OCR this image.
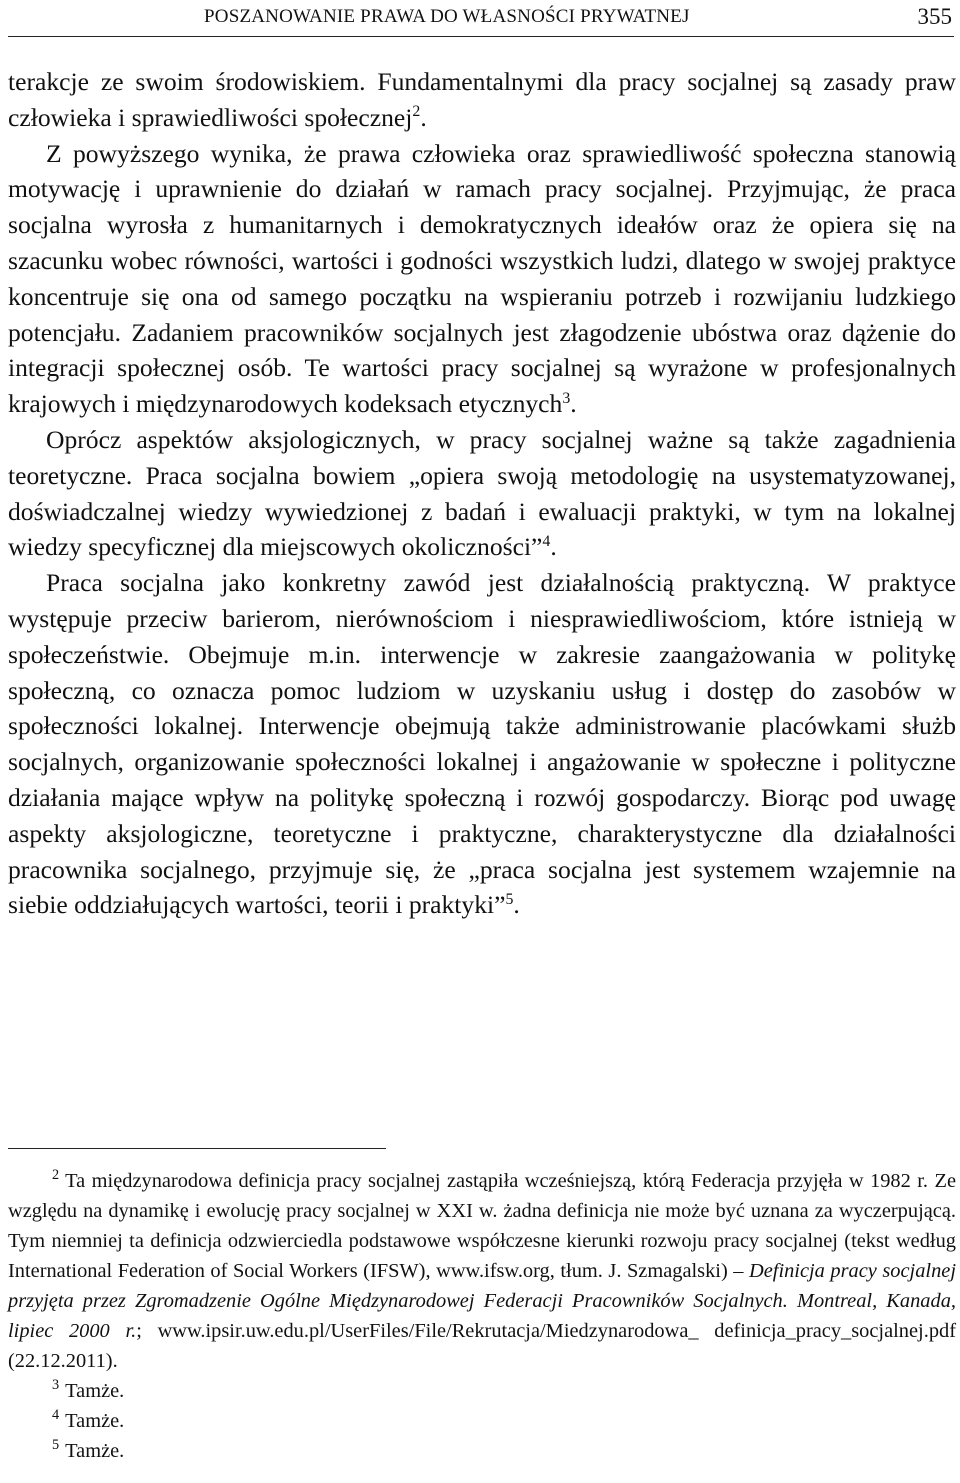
POSZANOWANIE PRAWA DO WŁASNOŚCI PRYWATNEJ	355

terakcje ze swoim środowiskiem. Fundamentalnymi dla pracy socjalnej są zasady praw człowieka i sprawiedliwości społecznej$^2$.

Z powyższego wynika, że prawa człowieka oraz sprawiedliwość społeczna stanowią motywację i uprawnienie do działań w ramach pracy socjalnej. Przyjmując, że praca socjalna wyrosła z humanitarnych i demokratycznych ideałów oraz że opiera się na szacunku wobec równości, wartości i godności wszystkich ludzi, dlatego w swojej praktyce koncentruje się ona od samego początku na wspieraniu potrzeb i rozwijaniu ludzkiego potencjału. Zadaniem pracowników socjalnych jest złagodzenie ubóstwa oraz dążenie do integracji społecznej osób. Te wartości pracy socjalnej są wyrażone w profesjonalnych krajowych i międzynarodowych kodeksach etycznych$^3$.

Oprócz aspektów aksjologicznych, w pracy socjalnej ważne są także zagadnienia teoretyczne. Praca socjalna bowiem „opiera swoją metodologię na usystematyzowanej, doświadczalnej wiedzy wywiedzionej z badań i ewaluacji praktyki, w tym na lokalnej wiedzy specyficznej dla miejscowych okoliczności”$^4$.

Praca socjalna jako konkretny zawód jest działalnością praktyczną. W praktyce występuje przeciw barierom, nierównościom i niesprawiedliwościom, które istnieją w społeczeństwie. Obejmuje m.in. interwencje w zakresie zaangażowania w politykę społeczną, co oznacza pomoc ludziom w uzyskaniu usług i dostęp do zasobów w społeczności lokalnej. Interwencje obejmują także administrowanie placówkami służb socjalnych, organizowanie społeczności lokalnej i angażowanie w społeczne i polityczne działania mające wpływ na politykę społeczną i rozwój gospodarczy. Biorąc pod uwagę aspekty aksjologiczne, teoretyczne i praktyczne, charakterystyczne dla działalności pracownika socjalnego, przyjmuje się, że „praca socjalna jest systemem wzajemnie na siebie oddziałujących wartości, teorii i praktyki”$^5$.

$^2$ Ta międzynarodowa definicja pracy socjalnej zastąpiła wcześniejszą, którą Federacja przyjęła w 1982 r. Ze względu na dynamikę i ewolucję pracy socjalnej w XXI w. żadna definicja nie może być uznana za wyczerpującą. Tym niemniej ta definicja odzwierciedla podstawowe współczesne kierunki rozwoju pracy socjalnej (tekst według International Federation of Social Workers (IFSW), www.ifsw.org, tłum. J. Szmagalski) – Definicja pracy socjalnej przyjęta przez Zgromadzenie Ogólne Międzynarodowej Federacji Pracowników Socjalnych. Montreal, Kanada, lipiec 2000 r.; www.ipsir.uw.edu.pl/UserFiles/File/Rekrutacja/Miedzynarodowa_ definicja_pracy_socjalnej.pdf (22.12.2011).

$^3$ Tamże.

$^4$ Tamże.

$^5$ Tamże.
